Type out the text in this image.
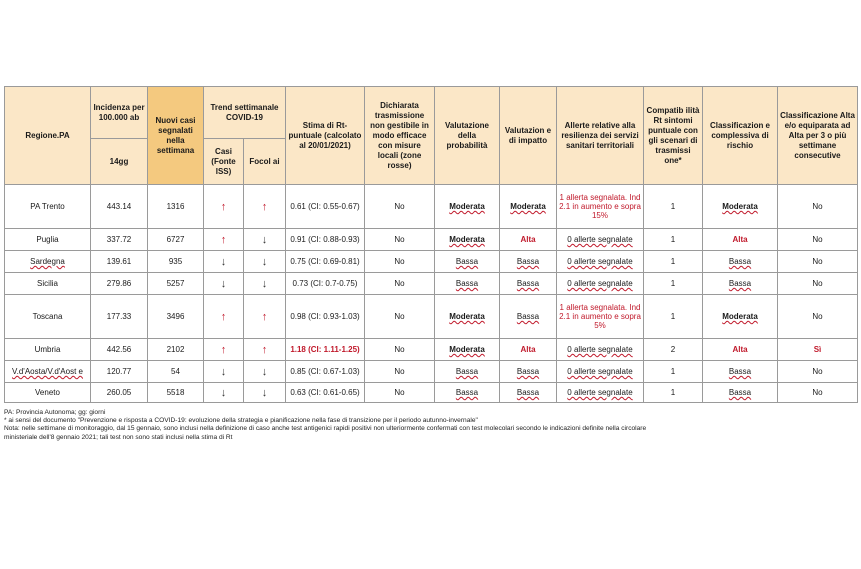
Regione.PA	Incidenza per 100.000 ab	Nuovi casi segnalati nella settimana	Trend settimanale COVID-19		Stima di Rt-puntuale (calcolato al 20/01/2021)	Dichiarata trasmissione non gestibile in modo efficace con misure locali (zone rosse)	Valutazione della probabilità	Valutazion e di impatto	Allerte relative alla resilienza dei servizi sanitari territoriali	Compatib ilità Rt sintomi puntuale con gli scenari di trasmissi one*	Classificazion e complessiva di rischio	Classificazione Alta e/o equiparata ad Alta per 3 o più settimane consecutive
	14gg		Casi (Fonte ISS)	Focol ai								
PA Trento	443.14	1316	↑	↑	0.61 (CI: 0.55-0.67)	No	Moderata	Moderata	1 allerta segnalata. Ind 2.1 in aumento e sopra 15%	1	Moderata	No
Puglia	337.72	6727	↑	↓	0.91 (CI: 0.88-0.93)	No	Moderata	Alta	0 allerte segnalate	1	Alta	No
Sardegna	139.61	935	↓	↓	0.75 (CI: 0.69-0.81)	No	Bassa	Bassa	0 allerte segnalate	1	Bassa	No
Sicilia	279.86	5257	↓	↓	0.73 (CI: 0.7-0.75)	No	Bassa	Bassa	0 allerte segnalate	1	Bassa	No
Toscana	177.33	3496	↑	↑	0.98 (CI: 0.93-1.03)	No	Moderata	Bassa	1 allerta segnalata. Ind 2.1 in aumento e sopra 5%	1	Moderata	No
Umbria	442.56	2102	↑	↑	1.18 (CI: 1.11-1.25)	No	Moderata	Alta	0 allerte segnalate	2	Alta	Sì
V.d'Aosta/V.d'Aost e	120.77	54	↓	↓	0.85 (CI: 0.67-1.03)	No	Bassa	Bassa	0 allerte segnalate	1	Bassa	No
Veneto	260.05	5518	↓	↓	0.63 (CI: 0.61-0.65)	No	Bassa	Bassa	0 allerte segnalate	1	Bassa	No
PA: Provincia Autonoma; gg: giorni
* ai sensi del documento "Prevenzione e risposta a COVID-19: evoluzione della strategia e pianificazione nella fase di transizione per il periodo autunno-invernale"
Nota: nelle settimane di monitoraggio, dal 15 gennaio, sono inclusi nella definizione di caso anche test antigenici rapidi positivi non ulteriormente confermati con test molecolari secondo le indicazioni definite nella circolare
ministeriale dell'8 gennaio 2021; tali test non sono stati inclusi nella stima di Rt
